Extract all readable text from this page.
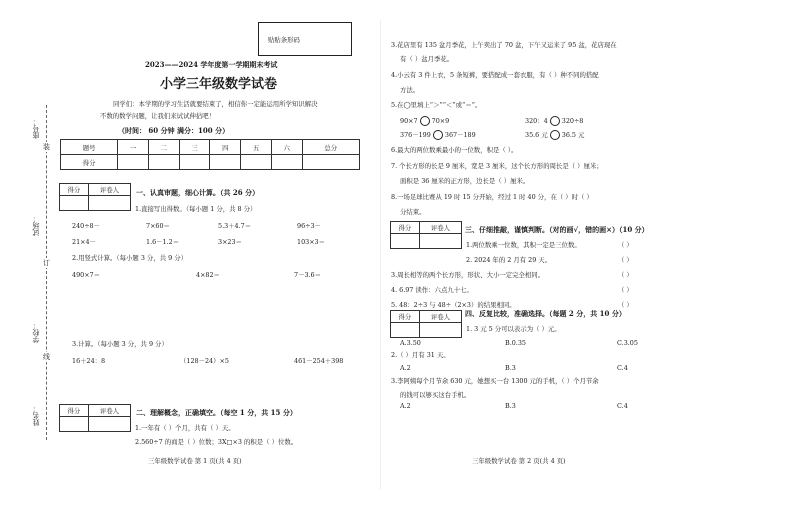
贴贴条形码
2023——2024 学年度第一学期期末考试
小学三年级数学试卷
同学们：本学期的学习生活就要结束了，相信你一定能运用所学知识解决
不数的数学问题，让我们来试试伸拈吧！
（时间： 60 分钟 满分：100 分）
题号	一	二	三	四	五	六	总分
得分							
座号：
试场：
学校：
姓名：
装
订
线
得分	评卷人
	一、认真审题，细心计算。（共 26 分）
1.直接写出得数。（每小题 1 分，共 8 分）
240÷8－	7×60＝	5.3＋4.7＝	96÷3－
21×4－	1.6－1.2＝	3×23＝	103×3＝
2.用竖式计算。（每小题 3 分，共 9 分）
490×7＝	4×82＝	7－3.6＝
3.计算。（每小题 3 分，共 9 分）
16＋24：8	（128－24）×5	461－254＋398
得分	评卷人
	二、理解概念，正确填空。（每空 1 分，共 15 分）
1.一年有（ ）个月，共有（ ）天。
2.560÷7 的商是（ ）位数；3X□×3 的积是（ ）位数。
三年级数学试卷 第 1 页(共 4 页)
3.花店里有 135 盆月季花，上午卖出了 70 盆，下午又运来了 95 盆，花店现在
有（ ）盆月季花。
4.小云有 3 件上衣，5 条短裤，要搭配成一套衣服，有（ ）种不同的搭配
方法。
5.在◯里填上“＞”“＜”或“＝”。
90×7 70×9	320：4 320÷8
376－199 367－189	35.6 元 36.5 元
6.最大的两位数乘最小的一位数，积是（ ）。
7. 个长方形的长是 9 厘米，宽是 3 厘米，这个长方形的周长是（ ）厘米；
面积是 36 厘米的正方形，边长是（ ）厘米。
8.一场足球比赛从 19 时 15 分开始，经过 1 时 40 分，在（ ）时（ ）
分结束。
得分	评卷人
	三、仔细推敲，谨慎判断。（对的画√，错的画×）（10 分）
1.两位数乘一位数，其积一定是三位数。	（ ）
2. 2024 年的 2 月有 29 天。	（ ）
3.周长相等的两个长方形，形状、大小一定完全相同。	（ ）
4. 6.97 读作：六点九十七。	（ ）
5. 48：2÷3 与 48÷（2×3）的结果相同。	（ ）
得分	评卷人
	四、反复比较，准确选择。（每题 2 分，共 10 分）
1. 3 元 5 分可以表示为（ ）元。
A.3.50	B.0.35	C.3.05
2.（ ）月有 31 天。
A.2	B.3	C.4
3.李阿姨每个月节余 630 元，她想买一台 1300 元的手机，（ ）个月节余
的钱可以够买这台手机。
A.2	B.3	C.4
三年级数学试卷 第 2 页(共 4 页)
